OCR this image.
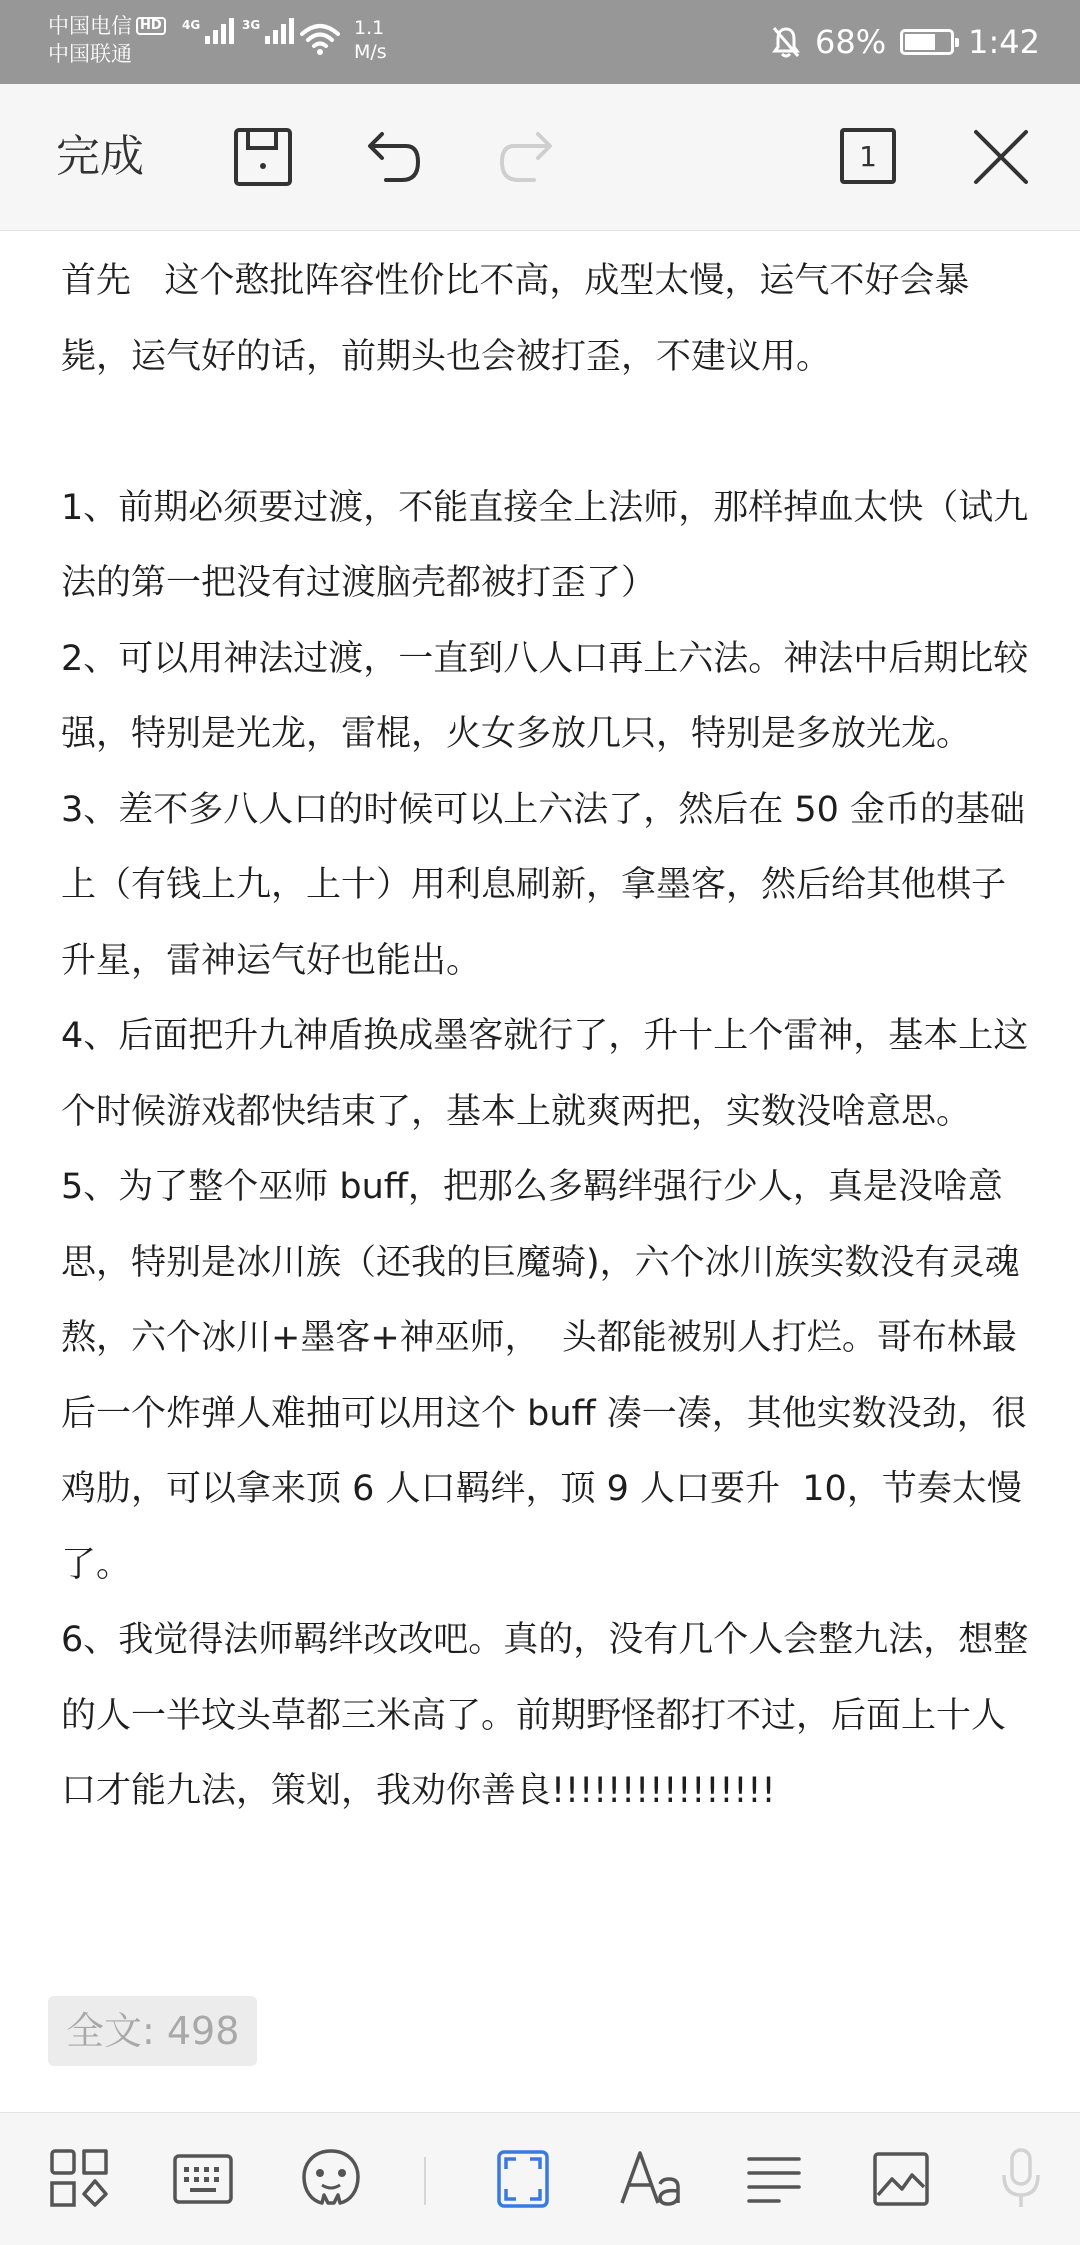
中国电信 HD
中国联通
4G	3G	1.1
M/s	68%	1:42
完成	1

首先   这个憨批阵容性价比不高，成型太慢，运气不好会暴毙，运气好的话，前期头也会被打歪，不建议用。

1、前期必须要过渡，不能直接全上法师，那样掉血太快（试九法的第一把没有过渡脑壳都被打歪了）

2、可以用神法过渡，一直到八人口再上六法。神法中后期比较强，特别是光龙，雷棍，火女多放几只，特别是多放光龙。

3、差不多八人口的时候可以上六法了，然后在 50 金币的基础上（有钱上九，上十）用利息刷新，拿墨客，然后给其他棋子升星，雷神运气好也能出。

4、后面把升九神盾换成墨客就行了，升十上个雷神，基本上这个时候游戏都快结束了，基本上就爽两把，实数没啥意思。

5、为了整个巫师 buff，把那么多羁绊强行少人，真是没啥意思，特别是冰川族（还我的巨魔骑)，六个冰川族实数没有灵魂熬，六个冰川+墨客+神巫师，  头都能被别人打烂。哥布林最后一个炸弹人难抽可以用这个 buff 凑一凑，其他实数没劲，很鸡肋，可以拿来顶 6 人口羁绊，顶 9 人口要升  10，节奏太慢了。

6、我觉得法师羁绊改改吧。真的，没有几个人会整九法，想整的人一半坟头草都三米高了。前期野怪都打不过，后面上十人口才能九法，策划，我劝你善良!!!!!!!!!!!!!!!!

全文: 498
